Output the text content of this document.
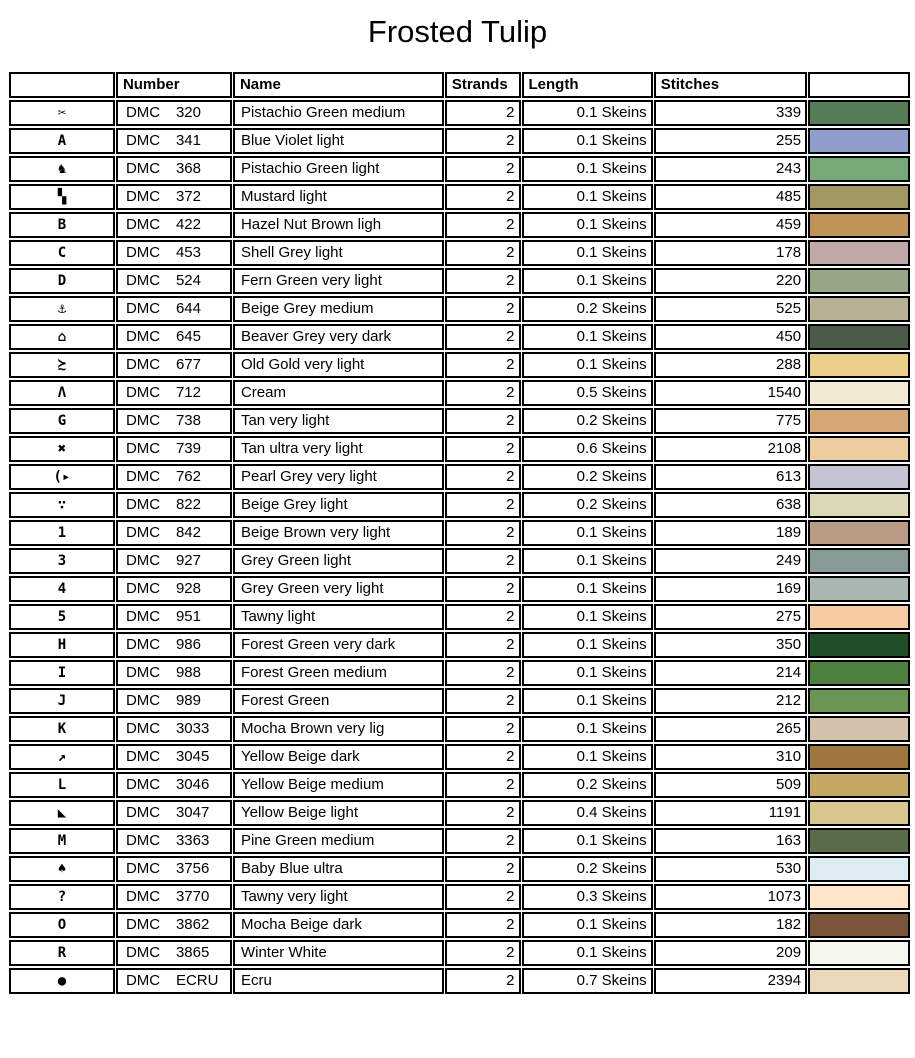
Frosted Tulip
	Number	Name	Strands	Length	Stitches	
✂	DMC 320	Pistachio Green medium	2	0.1 Skeins	339	
A	DMC 341	Blue Violet light	2	0.1 Skeins	255	
♞	DMC 368	Pistachio Green light	2	0.1 Skeins	243	
▚	DMC 372	Mustard light	2	0.1 Skeins	485	
B	DMC 422	Hazel Nut Brown ligh	2	0.1 Skeins	459	
C	DMC 453	Shell Grey light	2	0.1 Skeins	178	
D	DMC 524	Fern Green very light	2	0.1 Skeins	220	
⚓	DMC 644	Beige Grey medium	2	0.2 Skeins	525	
⌂	DMC 645	Beaver Grey very dark	2	0.1 Skeins	450	
≿	DMC 677	Old Gold very light	2	0.1 Skeins	288	
Λ	DMC 712	Cream	2	0.5 Skeins	1540	
G	DMC 738	Tan very light	2	0.2 Skeins	775	
✖	DMC 739	Tan ultra very light	2	0.6 Skeins	2108	
(▸	DMC 762	Pearl Grey very light	2	0.2 Skeins	613	
∵	DMC 822	Beige Grey light	2	0.2 Skeins	638	
1	DMC 842	Beige Brown very light	2	0.1 Skeins	189	
3	DMC 927	Grey Green light	2	0.1 Skeins	249	
4	DMC 928	Grey Green very light	2	0.1 Skeins	169	
5	DMC 951	Tawny light	2	0.1 Skeins	275	
H	DMC 986	Forest Green very dark	2	0.1 Skeins	350	
I	DMC 988	Forest Green medium	2	0.1 Skeins	214	
J	DMC 989	Forest Green	2	0.1 Skeins	212	
K	DMC 3033	Mocha Brown very lig	2	0.1 Skeins	265	
↗	DMC 3045	Yellow Beige dark	2	0.1 Skeins	310	
L	DMC 3046	Yellow Beige medium	2	0.2 Skeins	509	
◣	DMC 3047	Yellow Beige light	2	0.4 Skeins	1191	
M	DMC 3363	Pine Green medium	2	0.1 Skeins	163	
♠	DMC 3756	Baby Blue ultra	2	0.2 Skeins	530	
?	DMC 3770	Tawny very light	2	0.3 Skeins	1073	
O	DMC 3862	Mocha Beige dark	2	0.1 Skeins	182	
R	DMC 3865	Winter White	2	0.1 Skeins	209	
●	DMC ECRU	Ecru	2	0.7 Skeins	2394	
